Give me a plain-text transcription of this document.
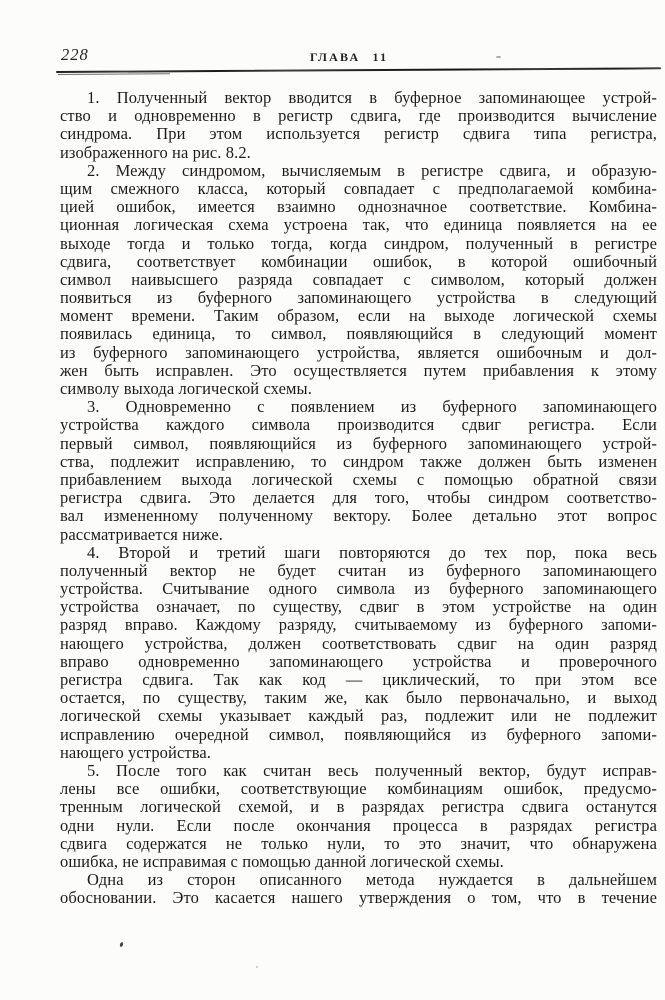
228	ГЛАВА 11
1. Полученный вектор вводится в буферное запоминающее устрой-
ство и одновременно в регистр сдвига, где производится вычисление
синдрома. При этом используется регистр сдвига типа регистра,
изображенного на рис. 8.2.
2. Между синдромом, вычисляемым в регистре сдвига, и образую-
щим смежного класса, который совпадает с предполагаемой комбина-
цией ошибок, имеется взаимно однозначное соответствие. Комбина-
ционная логическая схема устроена так, что единица появляется на ее
выходе тогда и только тогда, когда синдром, полученный в регистре
сдвига, соответствует комбинации ошибок, в которой ошибочный
символ наивысшего разряда совпадает с символом, который должен
появиться из буферного запоминающего устройства в следующий
момент времени. Таким образом, если на выходе логической схемы
появилась единица, то символ, появляющийся в следующий момент
из буферного запоминающего устройства, является ошибочным и дол-
жен быть исправлен. Это осуществляется путем прибавления к этому
символу выхода логической схемы.
3. Одновременно с появлением из буферного запоминающего
устройства каждого символа производится сдвиг регистра. Если
первый символ, появляющийся из буферного запоминающего устрой-
ства, подлежит исправлению, то синдром также должен быть изменен
прибавлением выхода логической схемы с помощью обратной связи
регистра сдвига. Это делается для того, чтобы синдром соответство-
вал измененному полученному вектору. Более детально этот вопрос
рассматривается ниже.
4. Второй и третий шаги повторяются до тех пор, пока весь
полученный вектор не будет считан из буферного запоминающего
устройства. Считывание одного символа из буферного запоминающего
устройства означает, по существу, сдвиг в этом устройстве на один
разряд вправо. Каждому разряду, считываемому из буферного запоми-
нающего устройства, должен соответствовать сдвиг на один разряд
вправо одновременно запоминающего устройства и проверочного
регистра сдвига. Так как код — циклический, то при этом все
остается, по существу, таким же, как было первоначально, и выход
логической схемы указывает каждый раз, подлежит или не подлежит
исправлению очередной символ, появляющийся из буферного запоми-
нающего устройства.
5. После того как считан весь полученный вектор, будут исправ-
лены все ошибки, соответствующие комбинациям ошибок, предусмо-
тренным логической схемой, и в разрядах регистра сдвига останутся
одни нули. Если после окончания процесса в разрядах регистра
сдвига содержатся не только нули, то это значит, что обнаружена
ошибка, не исправимая с помощью данной логической схемы.
Одна из сторон описанного метода нуждается в дальнейшем
обосновании. Это касается нашего утверждения о том, что в течение
